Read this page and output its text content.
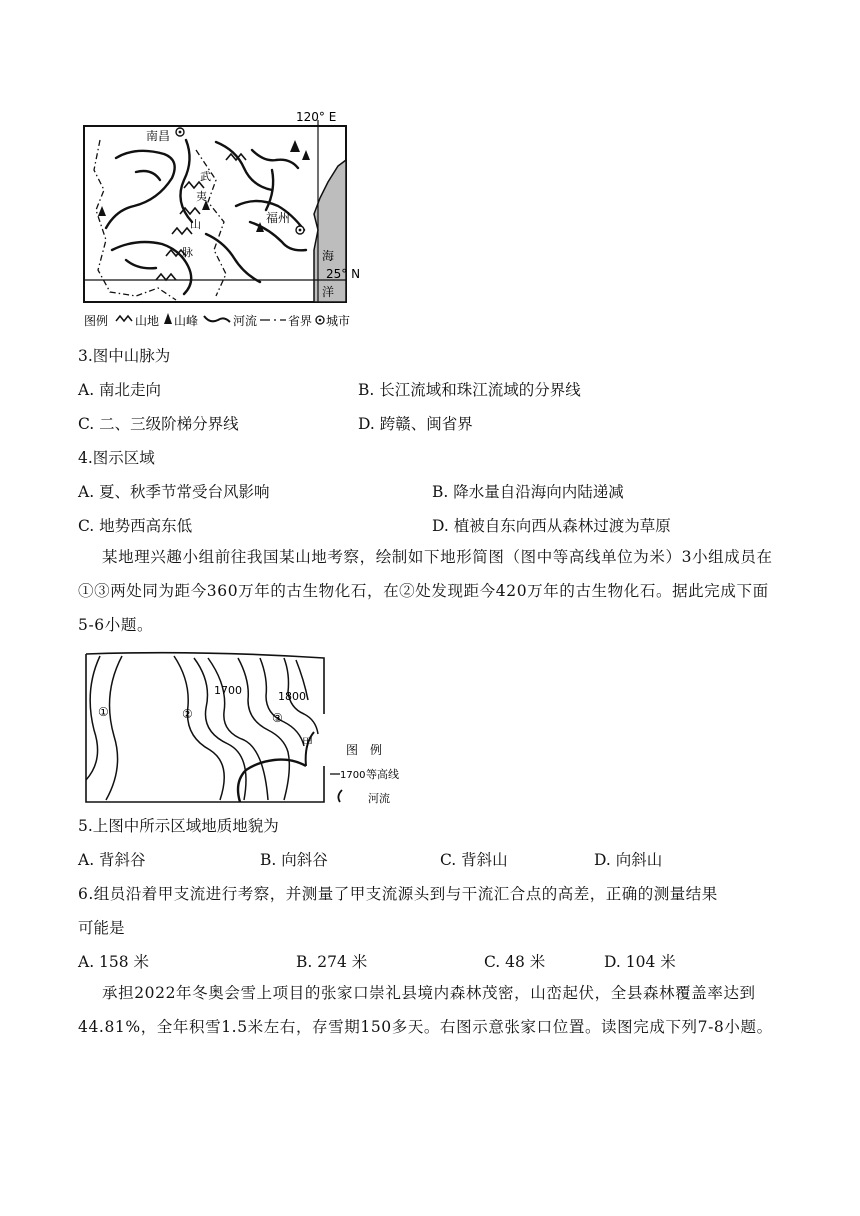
120° E
25° N
南昌
福州
武
夷
山
脉	海
洋
图例 山地 山峰	河流	省界 城市
3.图中山脉为
A. 南北走向	B. 长江流域和珠江流域的分界线
C. 二、三级阶梯分界线	D. 跨赣、闽省界
4.图示区域
A. 夏、秋季节常受台风影响	B. 降水量自沿海向内陆递减
C. 地势西高东低	D. 植被自东向西从森林过渡为草原
某地理兴趣小组前往我国某山地考察，绘制如下地形简图（图中等高线单位为米）3小组成员在①③两处同为距今360万年的古生物化石，在②处发现距今420万年的古生物化石。据此完成下面5-6小题。
①	②	③
1700	1800
甲
图　例
1700 等高线
河流
5.上图中所示区域地质地貌为
A. 背斜谷	B. 向斜谷	C. 背斜山	D. 向斜山
6.组员沿着甲支流进行考察，并测量了甲支流源头到与干流汇合点的高差，正确的测量结果
可能是
A. 158 米	B. 274 米	C. 48 米	D. 104 米
承担2022年冬奥会雪上项目的张家口崇礼县境内森林茂密，山峦起伏，全县森林覆盖率达到44.81%，全年积雪1.5米左右，存雪期150多天。右图示意张家口位置。读图完成下列7-8小题。
